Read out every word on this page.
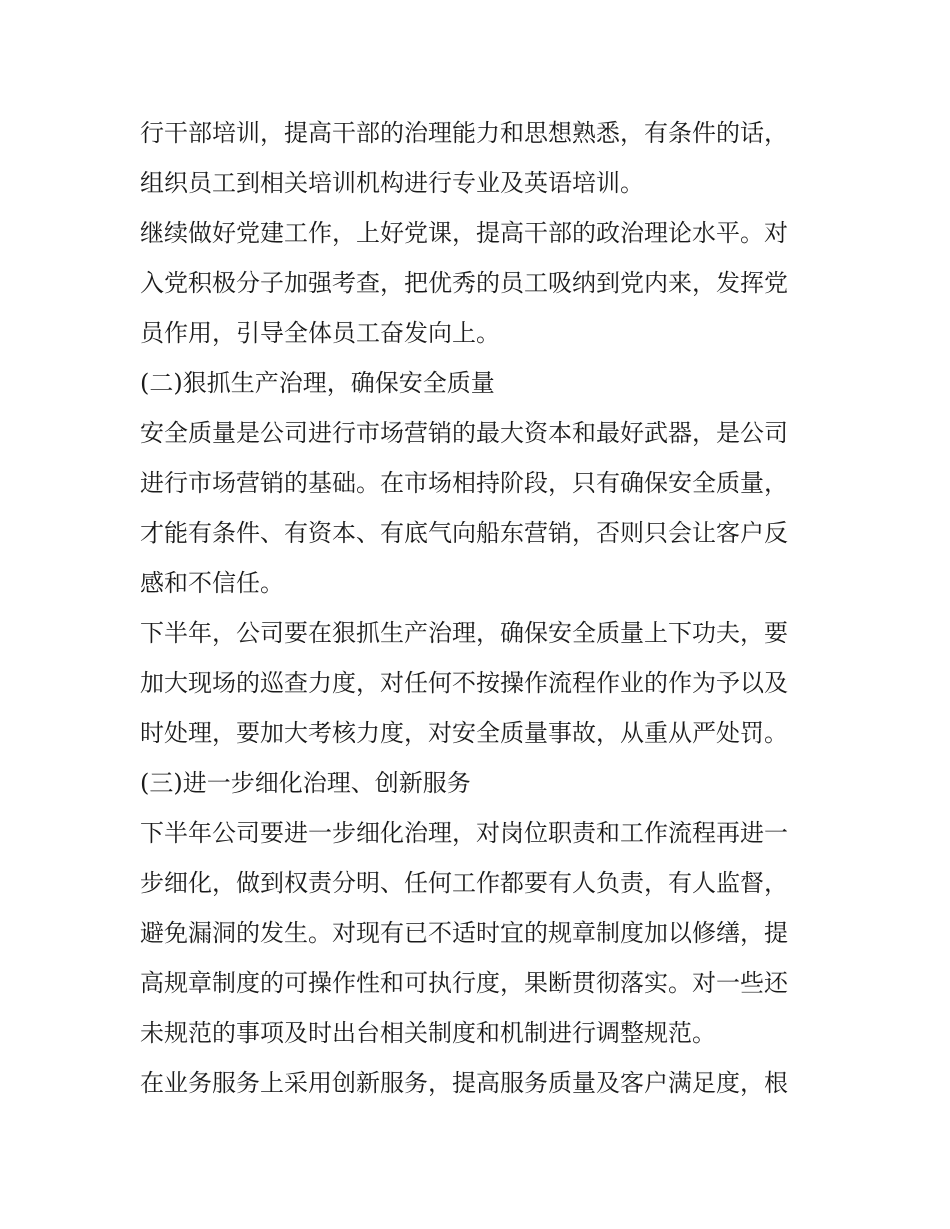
行干部培训，提高干部的治理能力和思想熟悉，有条件的话，
组织员工到相关培训机构进行专业及英语培训。
继续做好党建工作，上好党课，提高干部的政治理论水平。对
入党积极分子加强考查，把优秀的员工吸纳到党内来，发挥党
员作用，引导全体员工奋发向上。
(二)狠抓生产治理，确保安全质量
安全质量是公司进行市场营销的最大资本和最好武器，是公司
进行市场营销的基础。在市场相持阶段，只有确保安全质量，
才能有条件、有资本、有底气向船东营销，否则只会让客户反
感和不信任。
下半年，公司要在狠抓生产治理，确保安全质量上下功夫，要
加大现场的巡查力度，对任何不按操作流程作业的作为予以及
时处理，要加大考核力度，对安全质量事故，从重从严处罚。
(三)进一步细化治理、创新服务
下半年公司要进一步细化治理，对岗位职责和工作流程再进一
步细化，做到权责分明、任何工作都要有人负责，有人监督，
避免漏洞的发生。对现有已不适时宜的规章制度加以修缮，提
高规章制度的可操作性和可执行度，果断贯彻落实。对一些还
未规范的事项及时出台相关制度和机制进行调整规范。
在业务服务上采用创新服务，提高服务质量及客户满足度，根
